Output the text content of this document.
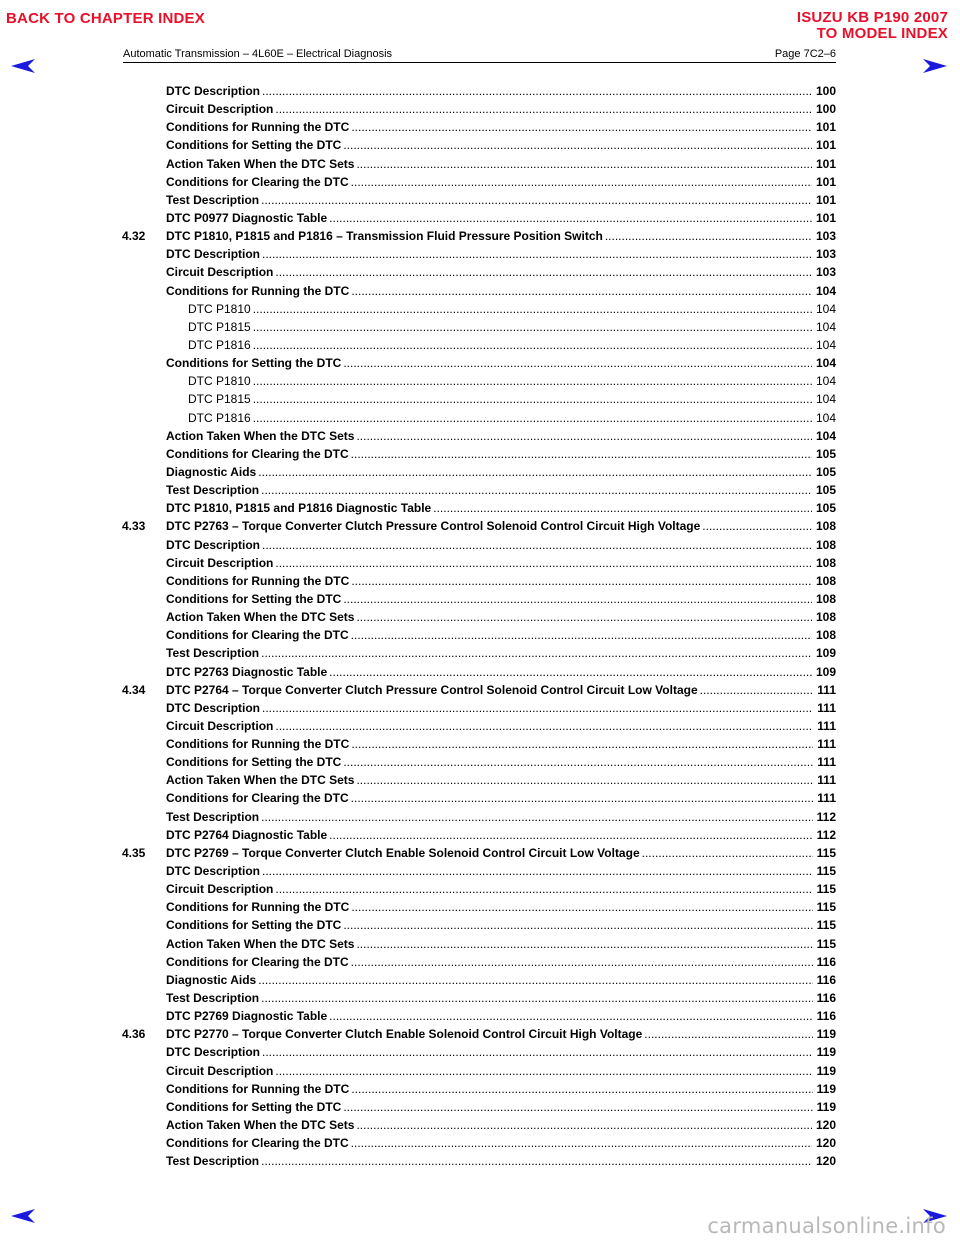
BACK TO CHAPTER INDEX	ISUZU KB P190 2007
TO MODEL INDEX
Automatic Transmission – 4L60E – Electrical Diagnosis	Page 7C2–6
DTC Description .....	100
Circuit Description .....	100
Conditions for Running the DTC .....	101
Conditions for Setting the DTC .....	101
Action Taken When the DTC Sets .....	101
Conditions for Clearing the DTC .....	101
Test Description .....	101
DTC P0977 Diagnostic Table .....	101
4.32 DTC P1810, P1815 and P1816 – Transmission Fluid Pressure Position Switch .....	103
DTC Description .....	103
Circuit Description .....	103
Conditions for Running the DTC .....	104
DTC P1810 .....	104
DTC P1815 .....	104
DTC P1816 .....	104
Conditions for Setting the DTC .....	104
DTC P1810 .....	104
DTC P1815 .....	104
DTC P1816 .....	104
Action Taken When the DTC Sets .....	104
Conditions for Clearing the DTC .....	105
Diagnostic Aids .....	105
Test Description .....	105
DTC P1810, P1815 and P1816 Diagnostic Table .....	105
4.33 DTC P2763 – Torque Converter Clutch Pressure Control Solenoid Control Circuit High Voltage .....	108
DTC Description .....	108
Circuit Description .....	108
Conditions for Running the DTC .....	108
Conditions for Setting the DTC .....	108
Action Taken When the DTC Sets .....	108
Conditions for Clearing the DTC .....	108
Test Description .....	109
DTC P2763 Diagnostic Table .....	109
4.34 DTC P2764 – Torque Converter Clutch Pressure Control Solenoid Control Circuit Low Voltage .....	111
DTC Description .....	111
Circuit Description .....	111
Conditions for Running the DTC .....	111
Conditions for Setting the DTC .....	111
Action Taken When the DTC Sets .....	111
Conditions for Clearing the DTC .....	111
Test Description .....	112
DTC P2764 Diagnostic Table .....	112
4.35 DTC P2769 – Torque Converter Clutch Enable Solenoid Control Circuit Low Voltage .....	115
DTC Description .....	115
Circuit Description .....	115
Conditions for Running the DTC .....	115
Conditions for Setting the DTC .....	115
Action Taken When the DTC Sets .....	115
Conditions for Clearing the DTC .....	116
Diagnostic Aids .....	116
Test Description .....	116
DTC P2769 Diagnostic Table .....	116
4.36 DTC P2770 – Torque Converter Clutch Enable Solenoid Control Circuit High Voltage .....	119
DTC Description .....	119
Circuit Description .....	119
Conditions for Running the DTC .....	119
Conditions for Setting the DTC .....	119
Action Taken When the DTC Sets .....	120
Conditions for Clearing the DTC .....	120
Test Description .....	120
carmanualsonline.info
